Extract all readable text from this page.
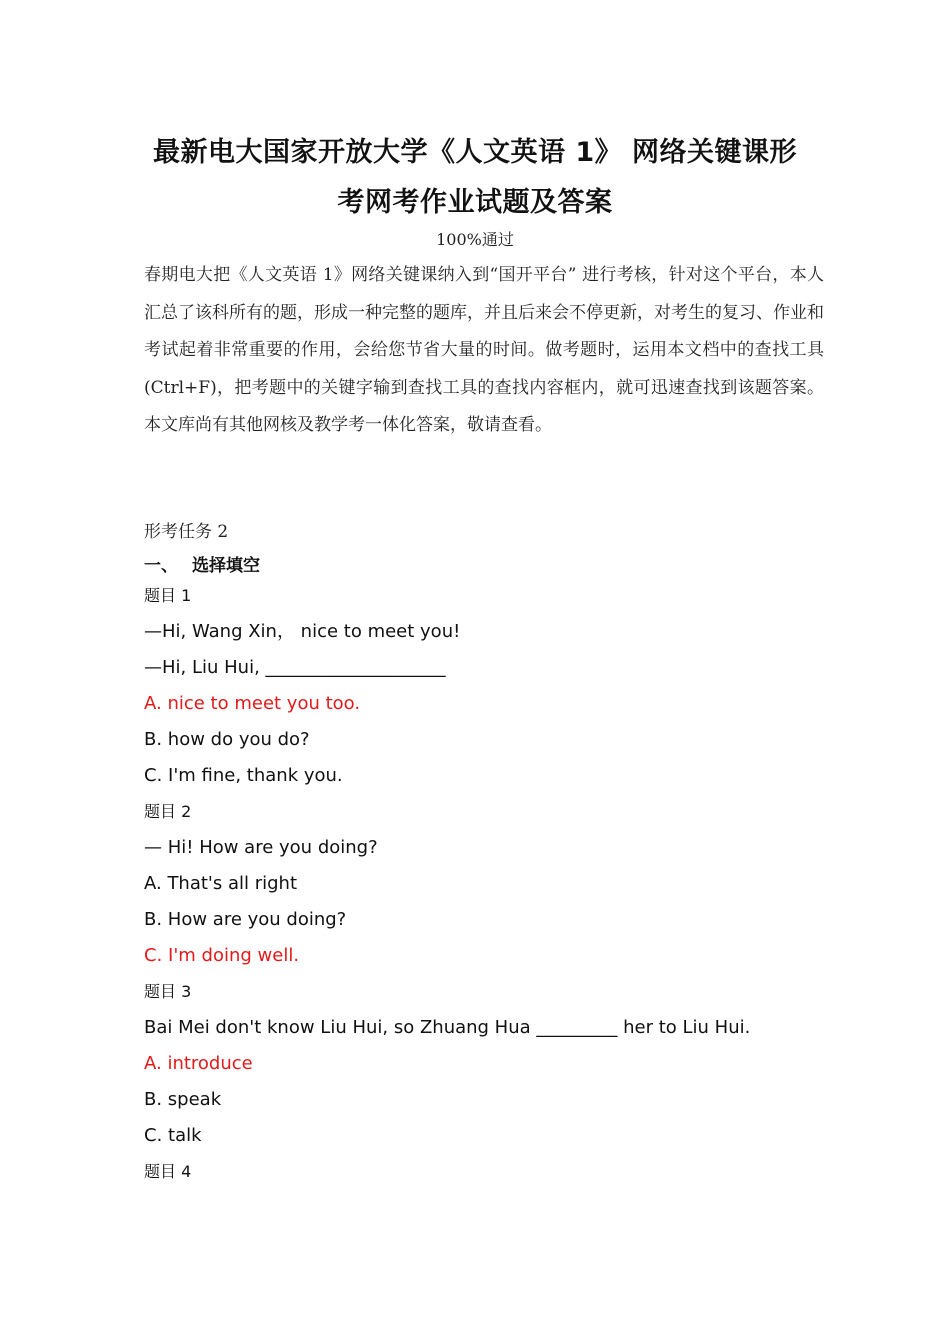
最新电大国家开放大学《人文英语 1》 网络关键课形
考网考作业试题及答案
100%通过
春期电大把《人文英语 1》网络关键课纳入到“国开平台” 进行考核，针对这个平台，本人汇总了该科所有的题，形成一种完整的题库，并且后来会不停更新，对考生的复习、作业和考试起着非常重要的作用，会给您节省大量的时间。做考题时，运用本文档中的查找工具(Ctrl+F)，把考题中的关键字输到查找工具的查找内容框内，就可迅速查找到该题答案。本文库尚有其他网核及教学考一体化答案，敬请查看。
形考任务 2
一、 选择填空
题目 1
—Hi, Wang Xin， nice to meet you!
—Hi, Liu Hui, ____________________
A. nice to meet you too.
B. how do you do?
C. I'm fine, thank you.
题目 2
— Hi! How are you doing?
A. That's all right
B. How are you doing?
C. I'm doing well.
题目 3
Bai Mei don't know Liu Hui, so Zhuang Hua _________ her to Liu Hui.
A. introduce
B. speak
C. talk
题目 4
